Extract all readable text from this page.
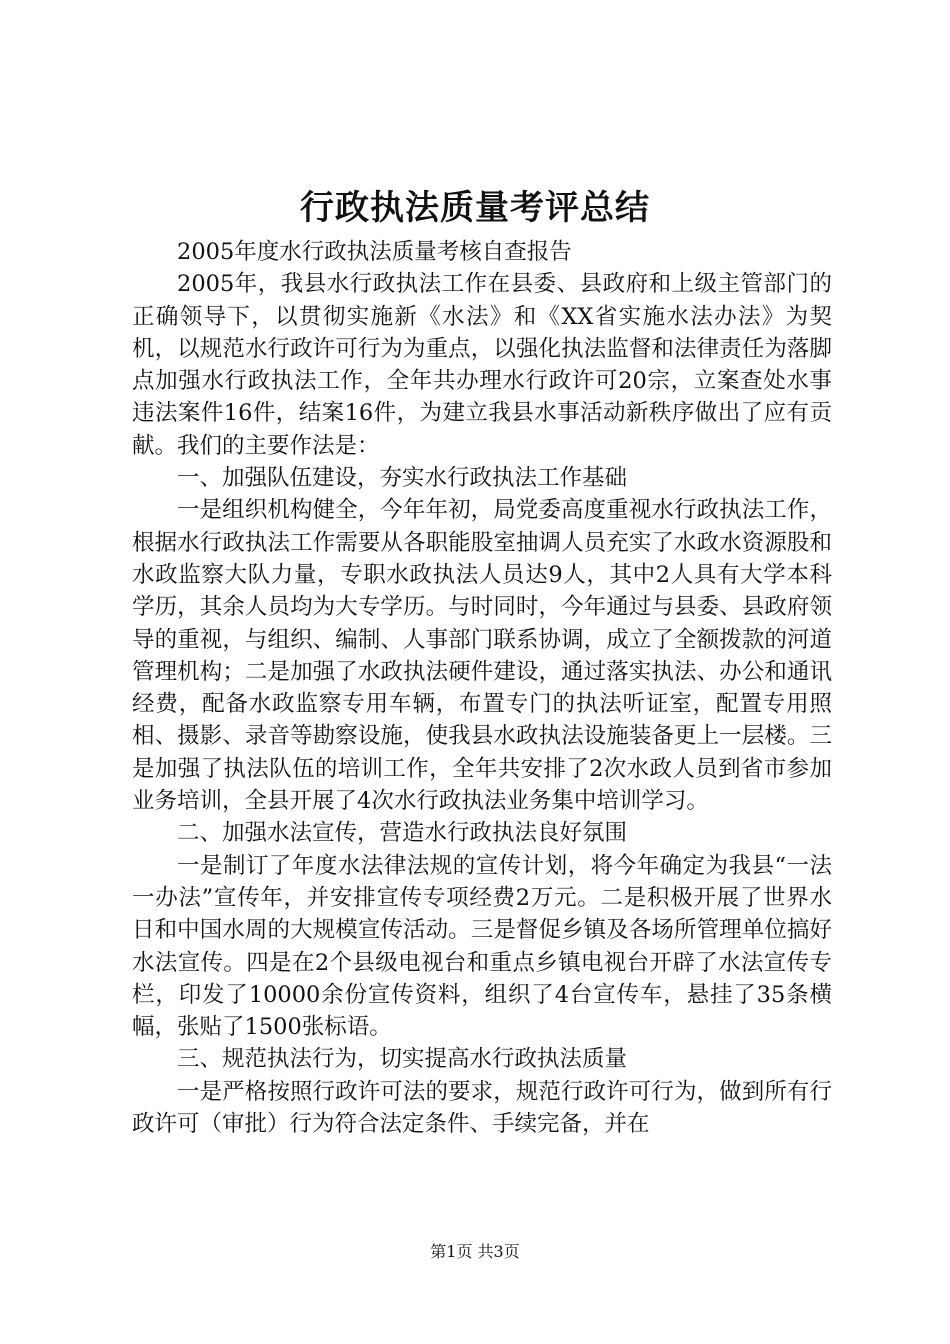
行政执法质量考评总结

2005年度水行政执法质量考核自查报告

2005年，我县水行政执法工作在县委、县政府和上级主管部门的正确领导下，以贯彻实施新《水法》和《XX省实施水法办法》为契机，以规范水行政许可行为为重点，以强化执法监督和法律责任为落脚点加强水行政执法工作，全年共办理水行政许可20宗，立案查处水事违法案件16件，结案16件，为建立我县水事活动新秩序做出了应有贡献。我们的主要作法是：

一、加强队伍建设，夯实水行政执法工作基础

一是组织机构健全，今年年初，局党委高度重视水行政执法工作，根据水行政执法工作需要从各职能股室抽调人员充实了水政水资源股和水政监察大队力量，专职水政执法人员达9人，其中2人具有大学本科学历，其余人员均为大专学历。与时同时，今年通过与县委、县政府领导的重视，与组织、编制、人事部门联系协调，成立了全额拨款的河道管理机构；二是加强了水政执法硬件建设，通过落实执法、办公和通讯经费，配备水政监察专用车辆，布置专门的执法听证室，配置专用照相、摄影、录音等勘察设施，使我县水政执法设施装备更上一层楼。三是加强了执法队伍的培训工作，全年共安排了2次水政人员到省市参加业务培训，全县开展了4次水行政执法业务集中培训学习。

二、加强水法宣传，营造水行政执法良好氛围

一是制订了年度水法律法规的宣传计划，将今年确定为我县“一法一办法”宣传年，并安排宣传专项经费2万元。二是积极开展了世界水日和中国水周的大规模宣传活动。三是督促乡镇及各场所管理单位搞好水法宣传。四是在2个县级电视台和重点乡镇电视台开辟了水法宣传专栏，印发了10000余份宣传资料，组织了4台宣传车，悬挂了35条横幅，张贴了1500张标语。

三、规范执法行为，切实提高水行政执法质量

一是严格按照行政许可法的要求，规范行政许可行为，做到所有行政许可（审批）行为符合法定条件、手续完备，并在

第1页 共3页
